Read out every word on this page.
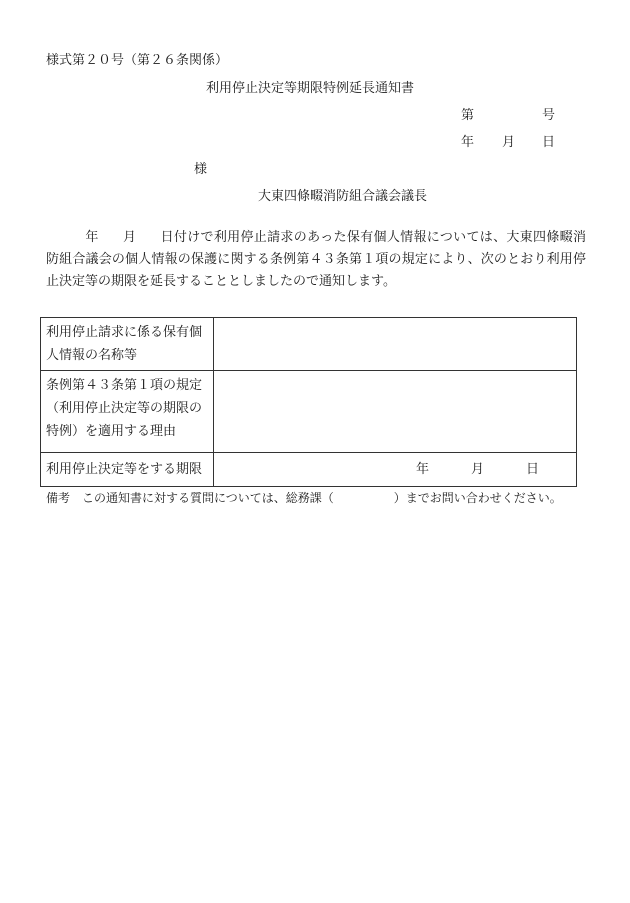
様式第２０号（第２６条関係）
利用停止決定等期限特例延長通知書
第	号
年 月 日
様
大東四條畷消防組合議会議長
年 月 日付けで利用停止請求のあった保有個人情報については、大東四條畷消防組合議会の個人情報の保護に関する条例第４３条第１項の規定により、次のとおり利用停止決定等の期限を延長することとしましたので通知します。
利用停止請求に係る保有個
人情報の名称等	

条例第４３条第１項の規定
（利用停止決定等の期限の
特例）を適用する理由	

利用停止決定等をする期限	年 月 日
備考　この通知書に対する質問については、総務課（　　　　　）までお問い合わせください。
